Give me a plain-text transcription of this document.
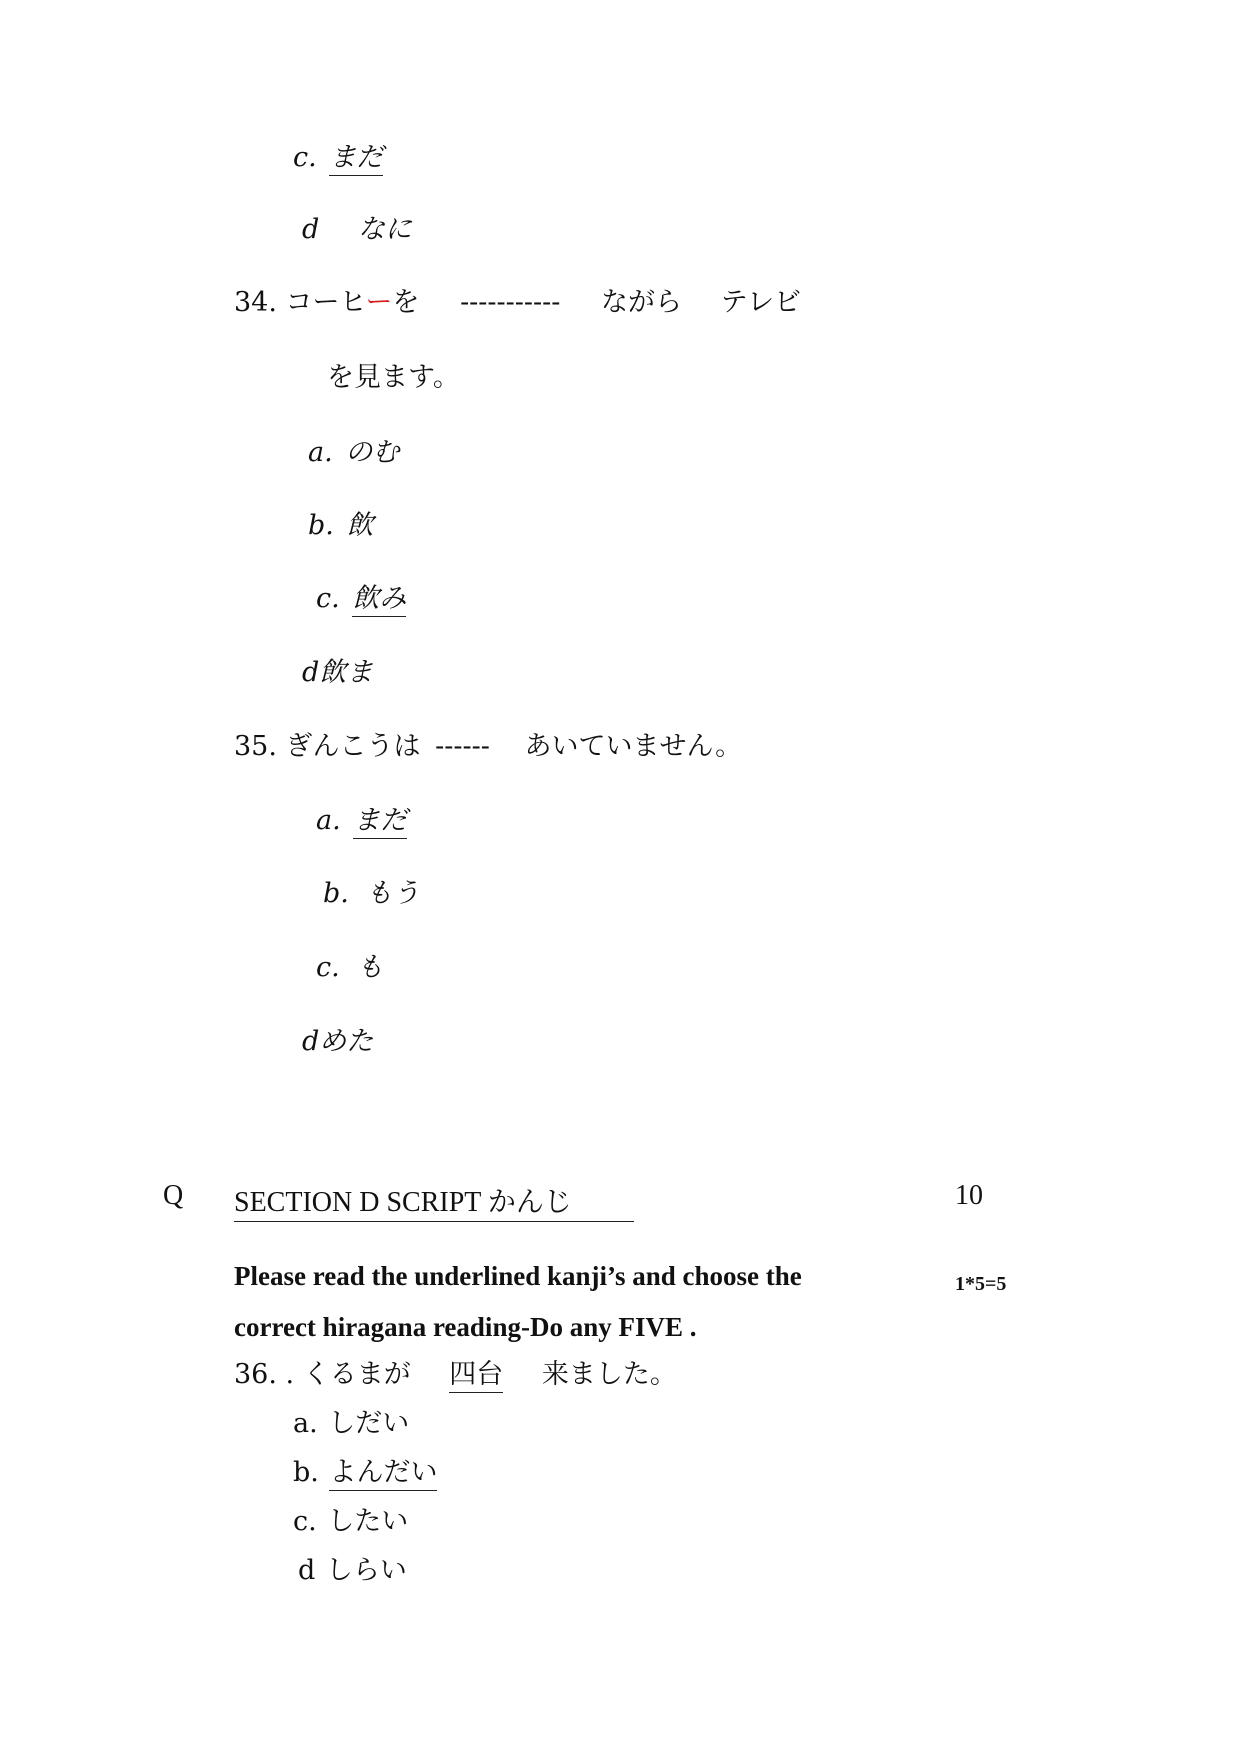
c. まだ
d なに
34. コーヒーを ----------- ながら テレビ
を見ます。
a. のむ
b. 飲
c. 飲み
d飲ま
35. ぎんこうは ------ あいていません。
a. まだ
b. もう
c. も
dめた
Q SECTION D SCRIPT かんじ	10
Please read the underlined kanji’s and choose the	1*5=5
correct hiragana reading-Do any FIVE .
36. . くるまが 四台 来ました。
a. しだい
b. よんだい
c. したい
d しらい
